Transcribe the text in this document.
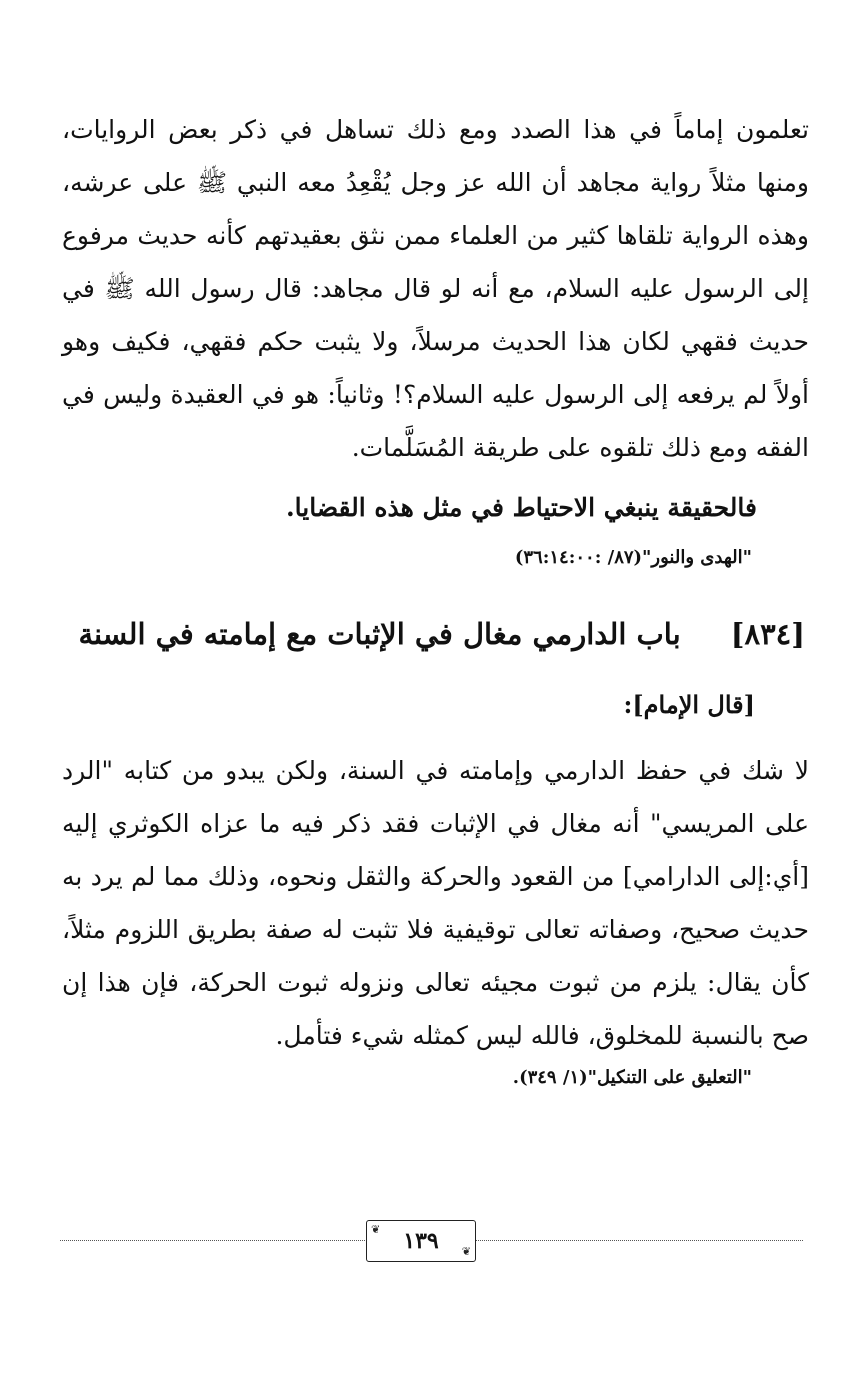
تعلمون إماماً في هذا الصدد ومع ذلك تساهل في ذكر بعض الروايات، ومنها مثلاً رواية مجاهد أن الله عز وجل يُقْعِدُ معه النبي ﷺ على عرشه، وهذه الرواية تلقاها كثير من العلماء ممن نثق بعقيدتهم كأنه حديث مرفوع إلى الرسول عليه السلام، مع أنه لو قال مجاهد: قال رسول الله ﷺ في حديث فقهي لكان هذا الحديث مرسلاً، ولا يثبت حكم فقهي، فكيف وهو أولاً لم يرفعه إلى الرسول عليه السلام؟! وثانياً: هو في العقيدة وليس في الفقه ومع ذلك تلقوه على طريقة المُسَلَّمات.

فالحقيقة ينبغي الاحتياط في مثل هذه القضايا.

"الهدى والنور"(٨٧/ :٣٦:١٤:٠٠)

[٨٣٤] باب الدارمي مغال في الإثبات مع إمامته في السنة

[قال الإمام]:

لا شك في حفظ الدارمي وإمامته في السنة، ولكن يبدو من كتابه "الرد على المريسي" أنه مغال في الإثبات فقد ذكر فيه ما عزاه الكوثري إليه [أي:إلى الدارامي] من القعود والحركة والثقل ونحوه، وذلك مما لم يرد به حديث صحيح، وصفاته تعالى توقيفية فلا تثبت له صفة بطريق اللزوم مثلاً، كأن يقال: يلزم من ثبوت مجيئه تعالى ونزوله ثبوت الحركة، فإن هذا إن صح بالنسبة للمخلوق، فالله ليس كمثله شيء فتأمل.

"التعليق على التنكيل"(١/ ٣٤٩).

❦	١٣٩	❦
